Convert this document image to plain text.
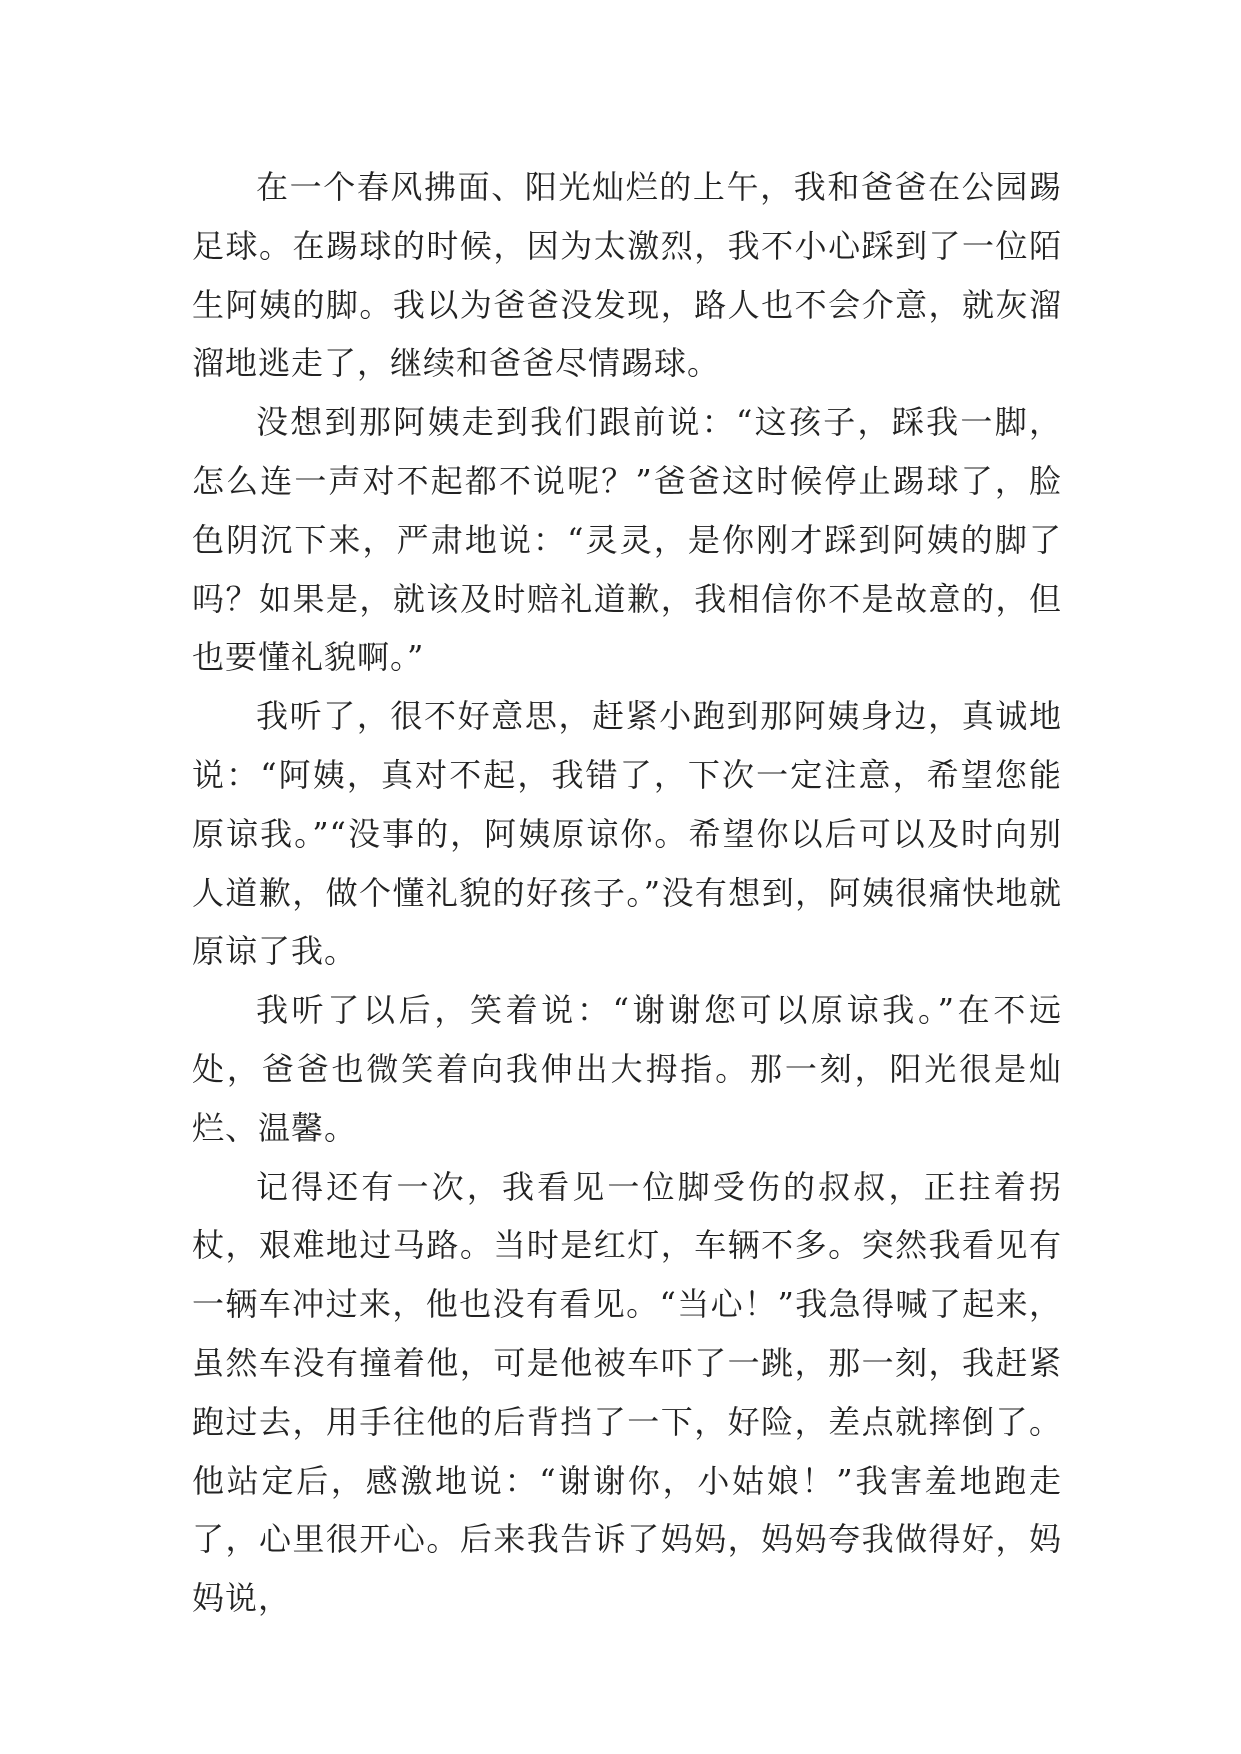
在一个春风拂面、阳光灿烂的上午，我和爸爸在公园踢足球。在踢球的时候，因为太激烈，我不小心踩到了一位陌生阿姨的脚。我以为爸爸没发现，路人也不会介意，就灰溜溜地逃走了，继续和爸爸尽情踢球。

没想到那阿姨走到我们跟前说：“这孩子，踩我一脚，怎么连一声对不起都不说呢？”爸爸这时候停止踢球了，脸色阴沉下来，严肃地说：“灵灵，是你刚才踩到阿姨的脚了吗？如果是，就该及时赔礼道歉，我相信你不是故意的，但也要懂礼貌啊。”

我听了，很不好意思，赶紧小跑到那阿姨身边，真诚地说：“阿姨，真对不起，我错了，下次一定注意，希望您能原谅我。”“没事的，阿姨原谅你。希望你以后可以及时向别人道歉，做个懂礼貌的好孩子。”没有想到，阿姨很痛快地就原谅了我。

我听了以后，笑着说：“谢谢您可以原谅我。”在不远处，爸爸也微笑着向我伸出大拇指。那一刻，阳光很是灿烂、温馨。

记得还有一次，我看见一位脚受伤的叔叔，正拄着拐杖，艰难地过马路。当时是红灯，车辆不多。突然我看见有一辆车冲过来，他也没有看见。“当心！”我急得喊了起来，虽然车没有撞着他，可是他被车吓了一跳，那一刻，我赶紧跑过去，用手往他的后背挡了一下，好险，差点就摔倒了。他站定后，感激地说：“谢谢你，小姑娘！”我害羞地跑走了，心里很开心。后来我告诉了妈妈，妈妈夸我做得好，妈妈说，
